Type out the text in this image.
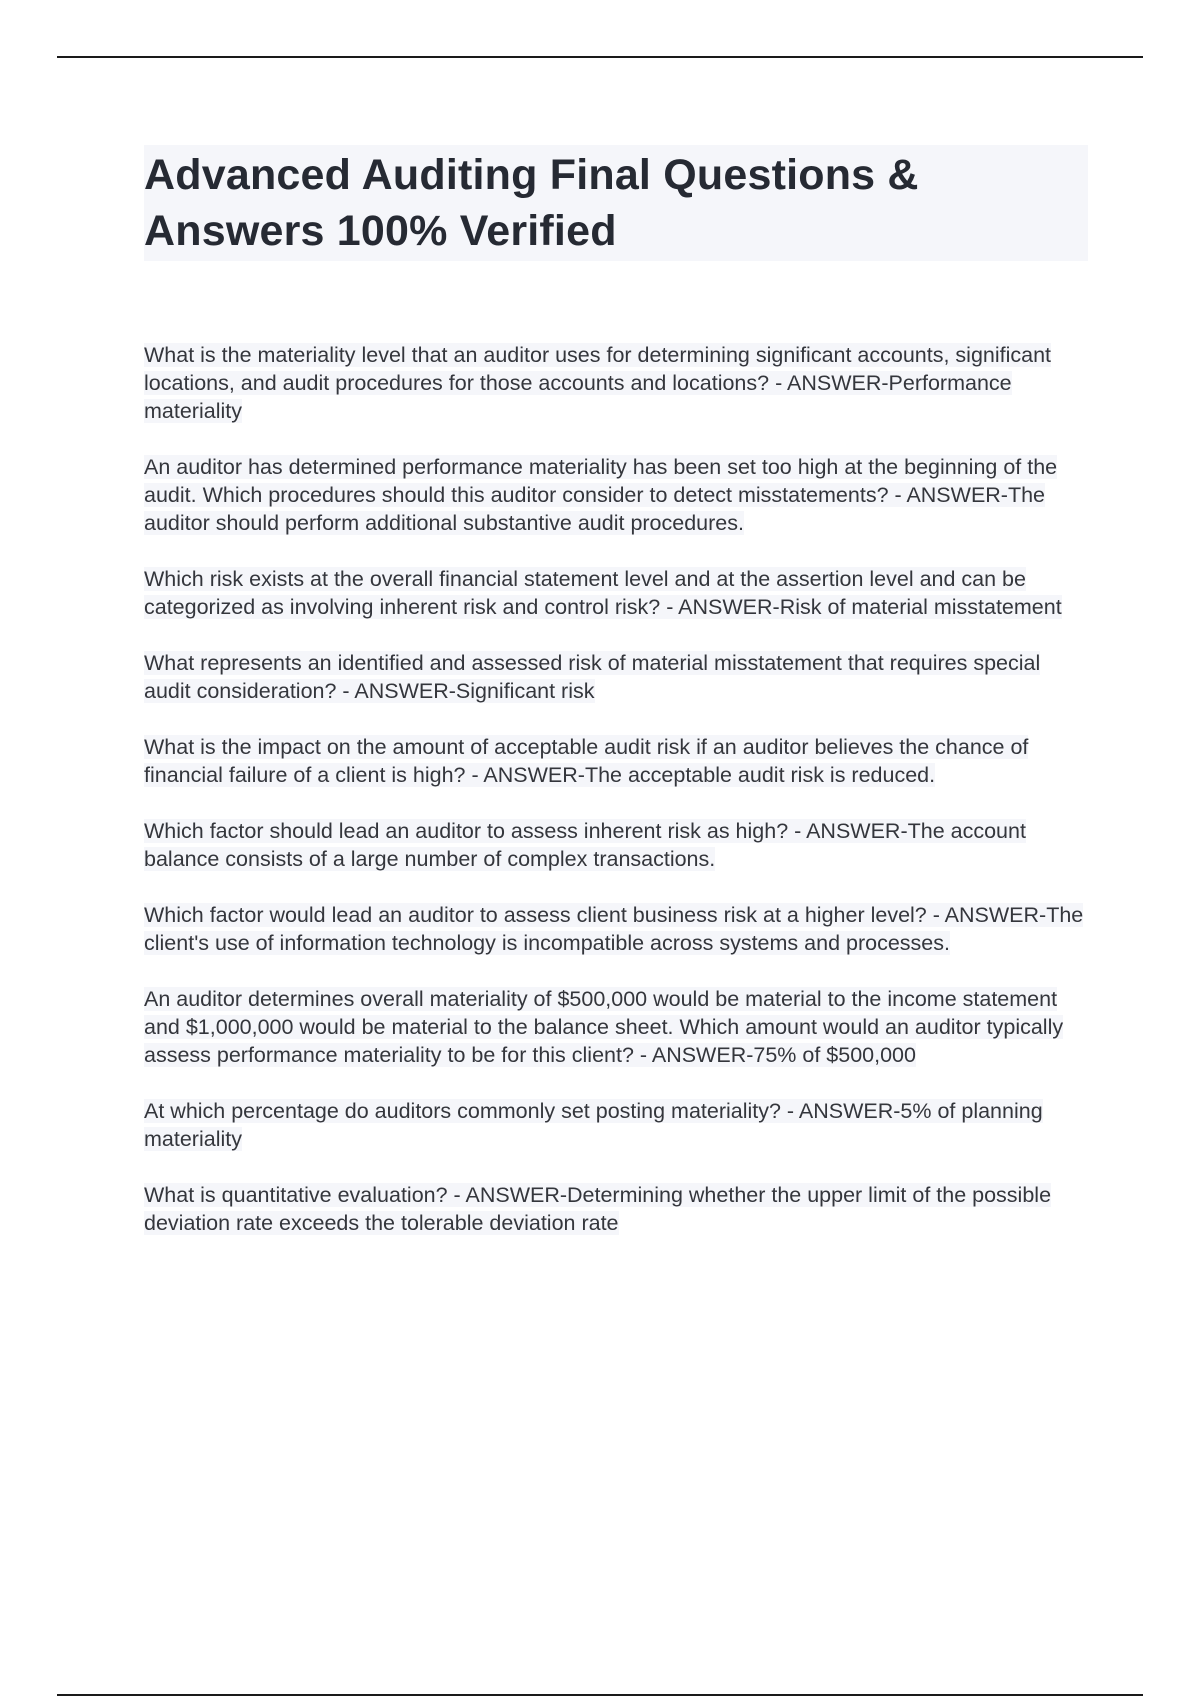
Advanced Auditing Final Questions & Answers 100% Verified

What is the materiality level that an auditor uses for determining significant accounts, significant locations, and audit procedures for those accounts and locations? - ANSWER-Performance materiality

An auditor has determined performance materiality has been set too high at the beginning of the audit. Which procedures should this auditor consider to detect misstatements? - ANSWER-The auditor should perform additional substantive audit procedures.

Which risk exists at the overall financial statement level and at the assertion level and can be categorized as involving inherent risk and control risk? - ANSWER-Risk of material misstatement

What represents an identified and assessed risk of material misstatement that requires special audit consideration? - ANSWER-Significant risk

What is the impact on the amount of acceptable audit risk if an auditor believes the chance of financial failure of a client is high? - ANSWER-The acceptable audit risk is reduced.

Which factor should lead an auditor to assess inherent risk as high? - ANSWER-The account balance consists of a large number of complex transactions.

Which factor would lead an auditor to assess client business risk at a higher level? - ANSWER-The client's use of information technology is incompatible across systems and processes.

An auditor determines overall materiality of $500,000 would be material to the income statement and $1,000,000 would be material to the balance sheet. Which amount would an auditor typically assess performance materiality to be for this client? - ANSWER-75% of $500,000

At which percentage do auditors commonly set posting materiality? - ANSWER-5% of planning materiality

What is quantitative evaluation? - ANSWER-Determining whether the upper limit of the possible deviation rate exceeds the tolerable deviation rate
